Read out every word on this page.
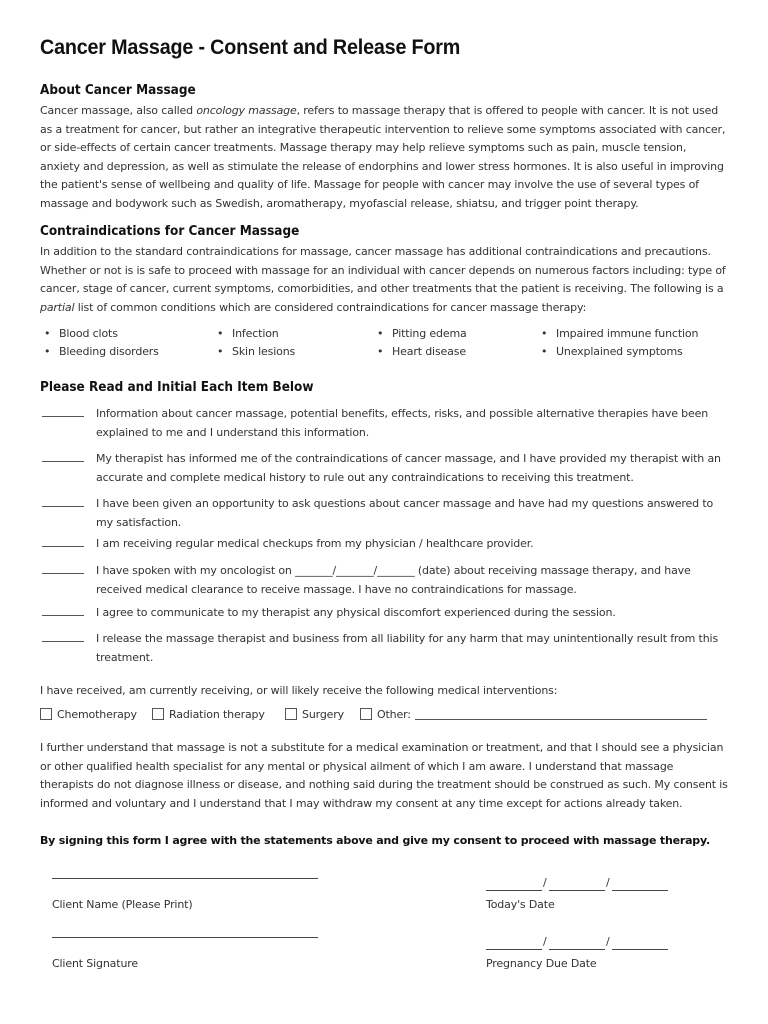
Cancer Massage - Consent and Release Form
About Cancer Massage

Cancer massage, also called oncology massage, refers to massage therapy that is offered to people with cancer. It is not used as a treatment for cancer, but rather an integrative therapeutic intervention to relieve some symptoms associated with cancer, or side-effects of certain cancer treatments. Massage therapy may help relieve symptoms such as pain, muscle tension, anxiety and depression, as well as stimulate the release of endorphins and lower stress hormones. It is also useful in improving the patient's sense of wellbeing and quality of life. Massage for people with cancer may involve the use of several types of massage and bodywork such as Swedish, aromatherapy, myofascial release, shiatsu, and trigger point therapy.

Contraindications for Cancer Massage

In addition to the standard contraindications for massage, cancer massage has additional contraindications and precautions. Whether or not is is safe to proceed with massage for an individual with cancer depends on numerous factors including: type of cancer, stage of cancer, current symptoms, comorbidities, and other treatments that the patient is receiving. The following is a partial list of common conditions which are considered contraindications for cancer massage therapy:

• Blood clots
• Bleeding disorders
• Infection
• Skin lesions
• Pitting edema
• Heart disease
• Impaired immune function
• Unexplained symptoms
Please Read and Initial Each Item Below

Information about cancer massage, potential benefits, effects, risks, and possible alternative therapies have been explained to me and I understand this information.

My therapist has informed me of the contraindications of cancer massage, and I have provided my therapist with an accurate and complete medical history to rule out any contraindications to receiving this treatment.

I have been given an opportunity to ask questions about cancer massage and have had my questions answered to my satisfaction.

I am receiving regular medical checkups from my physician / healthcare provider.

I have spoken with my oncologist on _______/_______/_______ (date) about receiving massage therapy, and have received medical clearance to receive massage. I have no contraindications for massage.

I agree to communicate to my therapist any physical discomfort experienced during the session.

I release the massage therapist and business from all liability for any harm that may unintentionally result from this treatment.

I have received, am currently receiving, or will likely receive the following medical interventions:

Chemotherapy	Radiation therapy	Surgery	Other:

I further understand that massage is not a substitute for a medical examination or treatment, and that I should see a physician or other qualified health specialist for any mental or physical ailment of which I am aware. I understand that massage therapists do not diagnose illness or disease, and nothing said during the treatment should be construed as such. My consent is informed and voluntary and I understand that I may withdraw my consent at any time except for actions already taken.

By signing this form I agree with the statements above and give my consent to proceed with massage therapy.

Client Name (Please Print)

/	/

Today's Date

Client Signature

/	/

Pregnancy Due Date
